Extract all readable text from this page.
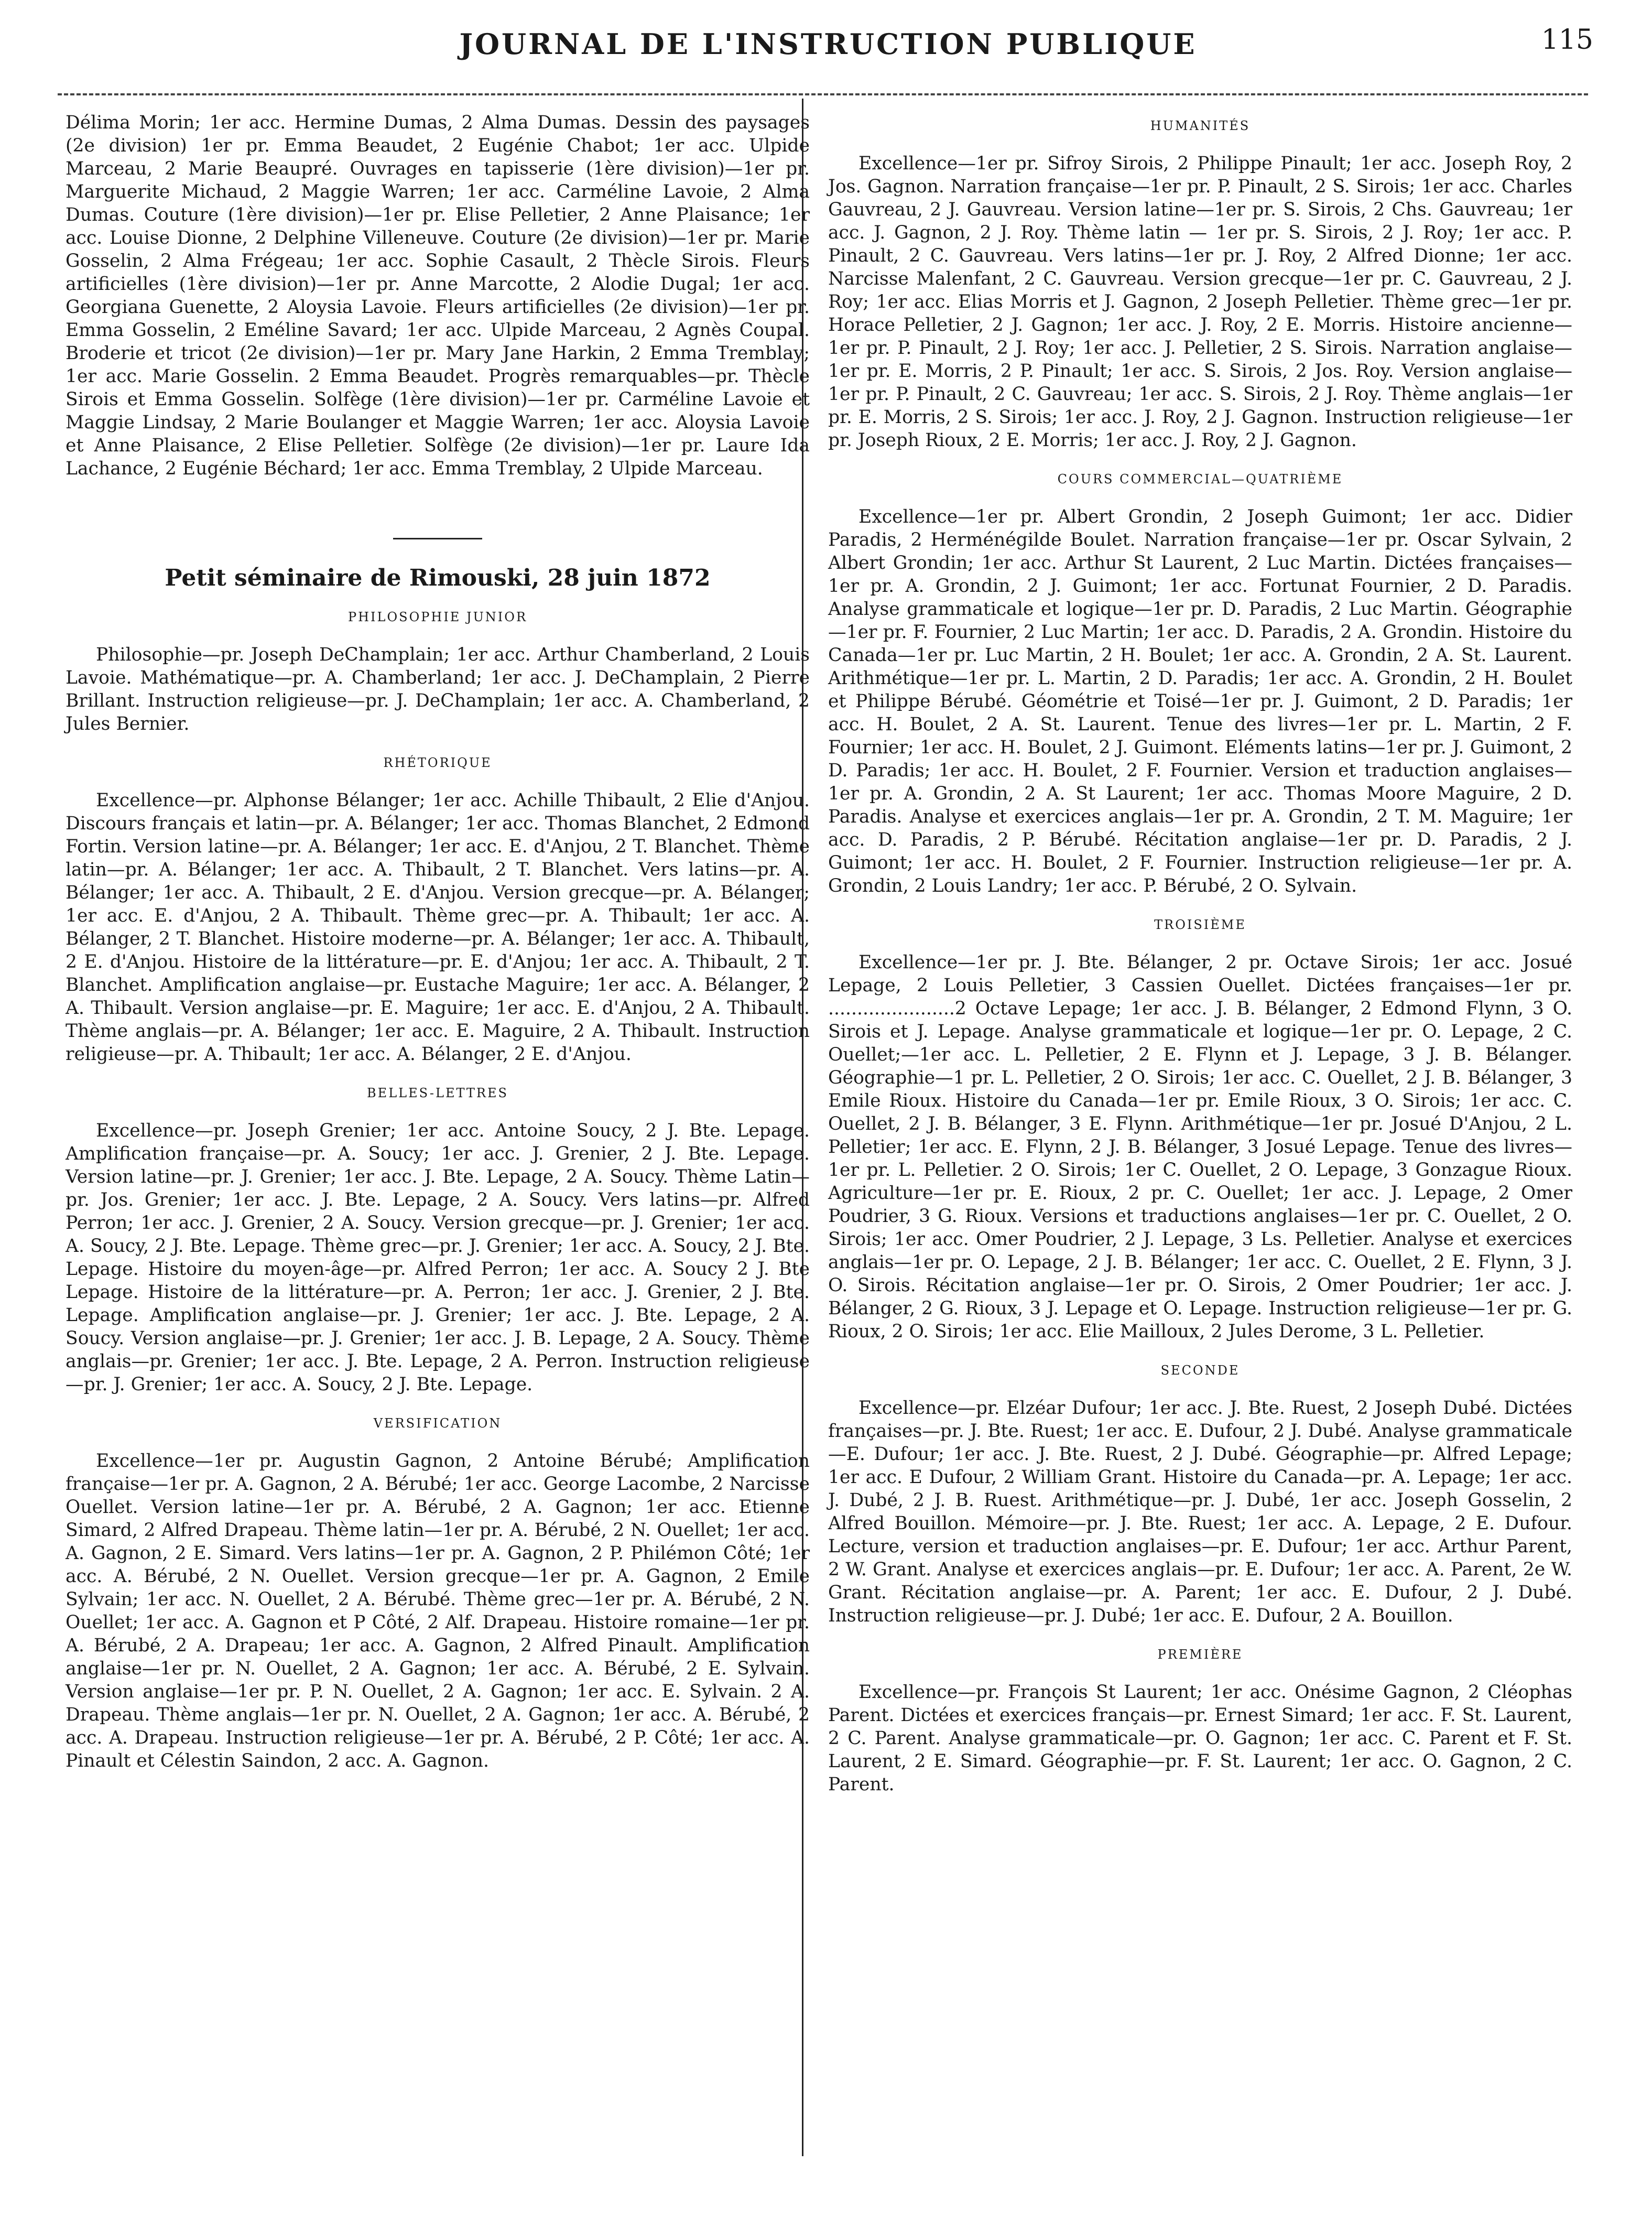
JOURNAL DE L'INSTRUCTION PUBLIQUE	115

Délima Morin; 1er acc. Hermine Dumas, 2 Alma Dumas. Dessin des paysages (2e division) 1er pr. Emma Beaudet, 2 Eugénie Chabot; 1er acc. Ulpide Marceau, 2 Marie Beaupré. Ouvrages en tapisserie (1ère division)—1er pr. Marguerite Michaud, 2 Maggie Warren; 1er acc. Carméline Lavoie, 2 Alma Dumas. Couture (1ère division)—1er pr. Elise Pelletier, 2 Anne Plaisance; 1er acc. Louise Dionne, 2 Delphine Villeneuve. Couture (2e division)—1er pr. Marie Gosselin, 2 Alma Frégeau; 1er acc. Sophie Casault, 2 Thècle Sirois. Fleurs artificielles (1ère division)—1er pr. Anne Marcotte, 2 Alodie Dugal; 1er acc. Georgiana Guenette, 2 Aloysia Lavoie. Fleurs artificielles (2e division)—1er pr. Emma Gosselin, 2 Eméline Savard; 1er acc. Ulpide Marceau, 2 Agnès Coupal. Broderie et tricot (2e division)—1er pr. Mary Jane Harkin, 2 Emma Tremblay; 1er acc. Marie Gosselin. 2 Emma Beaudet. Progrès remarquables—pr. Thècle Sirois et Emma Gosselin. Solfège (1ère division)—1er pr. Carméline Lavoie et Maggie Lindsay, 2 Marie Boulanger et Maggie Warren; 1er acc. Aloysia Lavoie et Anne Plaisance, 2 Elise Pelletier. Solfège (2e division)—1er pr. Laure Ida Lachance, 2 Eugénie Béchard; 1er acc. Emma Tremblay, 2 Ulpide Marceau.

Petit séminaire de Rimouski, 28 juin 1872
PHILOSOPHIE JUNIOR

Philosophie—pr. Joseph DeChamplain; 1er acc. Arthur Chamberland, 2 Louis Lavoie. Mathématique—pr. A. Chamberland; 1er acc. J. DeChamplain, 2 Pierre Brillant. Instruction religieuse—pr. J. DeChamplain; 1er acc. A. Chamberland, 2 Jules Bernier.

RHÉTORIQUE

Excellence—pr. Alphonse Bélanger; 1er acc. Achille Thibault, 2 Elie d'Anjou. Discours français et latin—pr. A. Bélanger; 1er acc. Thomas Blanchet, 2 Edmond Fortin. Version latine—pr. A. Bélanger; 1er acc. E. d'Anjou, 2 T. Blanchet. Thème latin—pr. A. Bélanger; 1er acc. A. Thibault, 2 T. Blanchet. Vers latins—pr. A. Bélanger; 1er acc. A. Thibault, 2 E. d'Anjou. Version grecque—pr. A. Bélanger; 1er acc. E. d'Anjou, 2 A. Thibault. Thème grec—pr. A. Thibault; 1er acc. A. Bélanger, 2 T. Blanchet. Histoire moderne—pr. A. Bélanger; 1er acc. A. Thibault, 2 E. d'Anjou. Histoire de la littérature—pr. E. d'Anjou; 1er acc. A. Thibault, 2 T. Blanchet. Amplification anglaise—pr. Eustache Maguire; 1er acc. A. Bélanger, 2 A. Thibault. Version anglaise—pr. E. Maguire; 1er acc. E. d'Anjou, 2 A. Thibault. Thème anglais—pr. A. Bélanger; 1er acc. E. Maguire, 2 A. Thibault. Instruction religieuse—pr. A. Thibault; 1er acc. A. Bélanger, 2 E. d'Anjou.

BELLES-LETTRES

Excellence—pr. Joseph Grenier; 1er acc. Antoine Soucy, 2 J. Bte. Lepage. Amplification française—pr. A. Soucy; 1er acc. J. Grenier, 2 J. Bte. Lepage. Version latine—pr. J. Grenier; 1er acc. J. Bte. Lepage, 2 A. Soucy. Thème Latin—pr. Jos. Grenier; 1er acc. J. Bte. Lepage, 2 A. Soucy. Vers latins—pr. Alfred Perron; 1er acc. J. Grenier, 2 A. Soucy. Version grecque—pr. J. Grenier; 1er acc. A. Soucy, 2 J. Bte. Lepage. Thème grec—pr. J. Grenier; 1er acc. A. Soucy, 2 J. Bte. Lepage. Histoire du moyen-âge—pr. Alfred Perron; 1er acc. A. Soucy 2 J. Bte Lepage. Histoire de la littérature—pr. A. Perron; 1er acc. J. Grenier, 2 J. Bte. Lepage. Amplification anglaise—pr. J. Grenier; 1er acc. J. Bte. Lepage, 2 A. Soucy. Version anglaise—pr. J. Grenier; 1er acc. J. B. Lepage, 2 A. Soucy. Thème anglais—pr. Grenier; 1er acc. J. Bte. Lepage, 2 A. Perron. Instruction religieuse—pr. J. Grenier; 1er acc. A. Soucy, 2 J. Bte. Lepage.

VERSIFICATION

Excellence—1er pr. Augustin Gagnon, 2 Antoine Bérubé; Amplification française—1er pr. A. Gagnon, 2 A. Bérubé; 1er acc. George Lacombe, 2 Narcisse Ouellet. Version latine—1er pr. A. Bérubé, 2 A. Gagnon; 1er acc. Etienne Simard, 2 Alfred Drapeau. Thème latin—1er pr. A. Bérubé, 2 N. Ouellet; 1er acc. A. Gagnon, 2 E. Simard. Vers latins—1er pr. A. Gagnon, 2 P. Philémon Côté; 1er acc. A. Bérubé, 2 N. Ouellet. Version grecque—1er pr. A. Gagnon, 2 Emile Sylvain; 1er acc. N. Ouellet, 2 A. Bérubé. Thème grec—1er pr. A. Bérubé, 2 N. Ouellet; 1er acc. A. Gagnon et P Côté, 2 Alf. Drapeau. Histoire romaine—1er pr. A. Bérubé, 2 A. Drapeau; 1er acc. A. Gagnon, 2 Alfred Pinault. Amplification anglaise—1er pr. N. Ouellet, 2 A. Gagnon; 1er acc. A. Bérubé, 2 E. Sylvain. Version anglaise—1er pr. P. N. Ouellet, 2 A. Gagnon; 1er acc. E. Sylvain. 2 A. Drapeau. Thème anglais—1er pr. N. Ouellet, 2 A. Gagnon; 1er acc. A. Bérubé, 2 acc. A. Drapeau. Instruction religieuse—1er pr. A. Bérubé, 2 P. Côté; 1er acc. A. Pinault et Célestin Saindon, 2 acc. A. Gagnon.

HUMANITÉS

Excellence—1er pr. Sifroy Sirois, 2 Philippe Pinault; 1er acc. Joseph Roy, 2 Jos. Gagnon. Narration française—1er pr. P. Pinault, 2 S. Sirois; 1er acc. Charles Gauvreau, 2 J. Gauvreau. Version latine—1er pr. S. Sirois, 2 Chs. Gauvreau; 1er acc. J. Gagnon, 2 J. Roy. Thème latin — 1er pr. S. Sirois, 2 J. Roy; 1er acc. P. Pinault, 2 C. Gauvreau. Vers latins—1er pr. J. Roy, 2 Alfred Dionne; 1er acc. Narcisse Malenfant, 2 C. Gauvreau. Version grecque—1er pr. C. Gauvreau, 2 J. Roy; 1er acc. Elias Morris et J. Gagnon, 2 Joseph Pelletier. Thème grec—1er pr. Horace Pelletier, 2 J. Gagnon; 1er acc. J. Roy, 2 E. Morris. Histoire ancienne—1er pr. P. Pinault, 2 J. Roy; 1er acc. J. Pelletier, 2 S. Sirois. Narration anglaise—1er pr. E. Morris, 2 P. Pinault; 1er acc. S. Sirois, 2 Jos. Roy. Version anglaise—1er pr. P. Pinault, 2 C. Gauvreau; 1er acc. S. Sirois, 2 J. Roy. Thème anglais—1er pr. E. Morris, 2 S. Sirois; 1er acc. J. Roy, 2 J. Gagnon. Instruction religieuse—1er pr. Joseph Rioux, 2 E. Morris; 1er acc. J. Roy, 2 J. Gagnon.

COURS COMMERCIAL—QUATRIÈME

Excellence—1er pr. Albert Grondin, 2 Joseph Guimont; 1er acc. Didier Paradis, 2 Herménégilde Boulet. Narration française—1er pr. Oscar Sylvain, 2 Albert Grondin; 1er acc. Arthur St Laurent, 2 Luc Martin. Dictées françaises—1er pr. A. Grondin, 2 J. Guimont; 1er acc. Fortunat Fournier, 2 D. Paradis. Analyse grammaticale et logique—1er pr. D. Paradis, 2 Luc Martin. Géographie—1er pr. F. Fournier, 2 Luc Martin; 1er acc. D. Paradis, 2 A. Grondin. Histoire du Canada—1er pr. Luc Martin, 2 H. Boulet; 1er acc. A. Grondin, 2 A. St. Laurent. Arithmétique—1er pr. L. Martin, 2 D. Paradis; 1er acc. A. Grondin, 2 H. Boulet et Philippe Bérubé. Géométrie et Toisé—1er pr. J. Guimont, 2 D. Paradis; 1er acc. H. Boulet, 2 A. St. Laurent. Tenue des livres—1er pr. L. Martin, 2 F. Fournier; 1er acc. H. Boulet, 2 J. Guimont. Eléments latins—1er pr. J. Guimont, 2 D. Paradis; 1er acc. H. Boulet, 2 F. Fournier. Version et traduction anglaises—1er pr. A. Grondin, 2 A. St Laurent; 1er acc. Thomas Moore Maguire, 2 D. Paradis. Analyse et exercices anglais—1er pr. A. Grondin, 2 T. M. Maguire; 1er acc. D. Paradis, 2 P. Bérubé. Récitation anglaise—1er pr. D. Paradis, 2 J. Guimont; 1er acc. H. Boulet, 2 F. Fournier. Instruction religieuse—1er pr. A. Grondin, 2 Louis Landry; 1er acc. P. Bérubé, 2 O. Sylvain.

TROISIÈME

Excellence—1er pr. J. Bte. Bélanger, 2 pr. Octave Sirois; 1er acc. Josué Lepage, 2 Louis Pelletier, 3 Cassien Ouellet. Dictées françaises—1er pr. ......................2 Octave Lepage; 1er acc. J. B. Bélanger, 2 Edmond Flynn, 3 O. Sirois et J. Lepage. Analyse grammaticale et logique—1er pr. O. Lepage, 2 C. Ouellet;—1er acc. L. Pelletier, 2 E. Flynn et J. Lepage, 3 J. B. Bélanger. Géographie—1 pr. L. Pelletier, 2 O. Sirois; 1er acc. C. Ouellet, 2 J. B. Bélanger, 3 Emile Rioux. Histoire du Canada—1er pr. Emile Rioux, 3 O. Sirois; 1er acc. C. Ouellet, 2 J. B. Bélanger, 3 E. Flynn. Arithmétique—1er pr. Josué D'Anjou, 2 L. Pelletier; 1er acc. E. Flynn, 2 J. B. Bélanger, 3 Josué Lepage. Tenue des livres—1er pr. L. Pelletier. 2 O. Sirois; 1er C. Ouellet, 2 O. Lepage, 3 Gonzague Rioux. Agriculture—1er pr. E. Rioux, 2 pr. C. Ouellet; 1er acc. J. Lepage, 2 Omer Poudrier, 3 G. Rioux. Versions et traductions anglaises—1er pr. C. Ouellet, 2 O. Sirois; 1er acc. Omer Poudrier, 2 J. Lepage, 3 Ls. Pelletier. Analyse et exercices anglais—1er pr. O. Lepage, 2 J. B. Bélanger; 1er acc. C. Ouellet, 2 E. Flynn, 3 J. O. Sirois. Récitation anglaise—1er pr. O. Sirois, 2 Omer Poudrier; 1er acc. J. Bélanger, 2 G. Rioux, 3 J. Lepage et O. Lepage. Instruction religieuse—1er pr. G. Rioux, 2 O. Sirois; 1er acc. Elie Mailloux, 2 Jules Derome, 3 L. Pelletier.

SECONDE

Excellence—pr. Elzéar Dufour; 1er acc. J. Bte. Ruest, 2 Joseph Dubé. Dictées françaises—pr. J. Bte. Ruest; 1er acc. E. Dufour, 2 J. Dubé. Analyse grammaticale—E. Dufour; 1er acc. J. Bte. Ruest, 2 J. Dubé. Géographie—pr. Alfred Lepage; 1er acc. E Dufour, 2 William Grant. Histoire du Canada—pr. A. Lepage; 1er acc. J. Dubé, 2 J. B. Ruest. Arithmétique—pr. J. Dubé, 1er acc. Joseph Gosselin, 2 Alfred Bouillon. Mémoire—pr. J. Bte. Ruest; 1er acc. A. Lepage, 2 E. Dufour. Lecture, version et traduction anglaises—pr. E. Dufour; 1er acc. Arthur Parent, 2 W. Grant. Analyse et exercices anglais—pr. E. Dufour; 1er acc. A. Parent, 2e W. Grant. Récitation anglaise—pr. A. Parent; 1er acc. E. Dufour, 2 J. Dubé. Instruction religieuse—pr. J. Dubé; 1er acc. E. Dufour, 2 A. Bouillon.

PREMIÈRE

Excellence—pr. François St Laurent; 1er acc. Onésime Gagnon, 2 Cléophas Parent. Dictées et exercices français—pr. Ernest Simard; 1er acc. F. St. Laurent, 2 C. Parent. Analyse grammaticale—pr. O. Gagnon; 1er acc. C. Parent et F. St. Laurent, 2 E. Simard. Géographie—pr. F. St. Laurent; 1er acc. O. Gagnon, 2 C. Parent.
